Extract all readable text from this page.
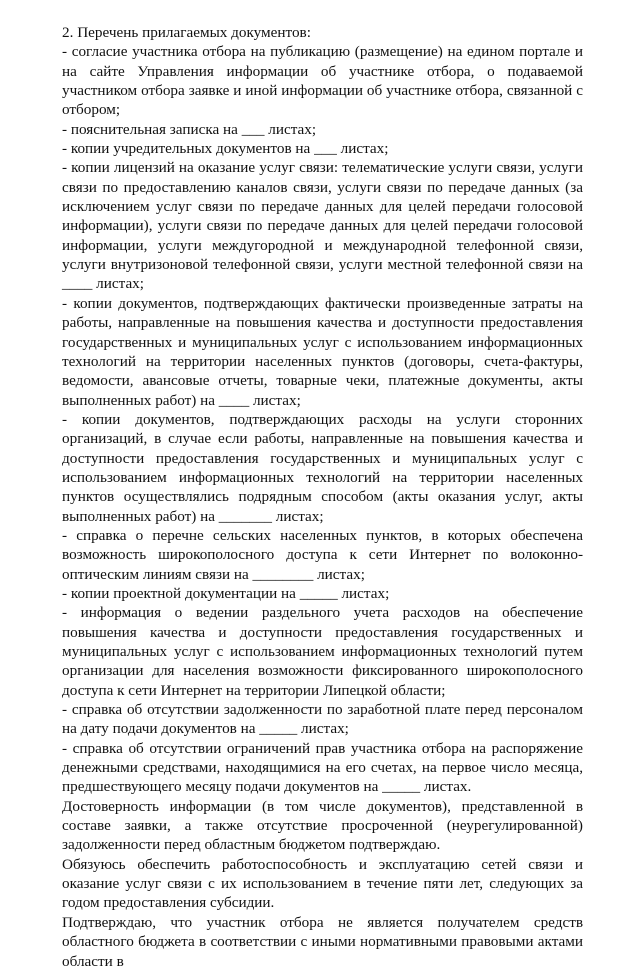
2. Перечень прилагаемых документов:

- согласие участника отбора на публикацию (размещение) на едином портале и на сайте Управления информации об участнике отбора, о подаваемой участником отбора заявке и иной информации об участнике отбора, связанной с отбором;

- пояснительная записка на ___ листах;

- копии учредительных документов на ___ листах;

- копии лицензий на оказание услуг связи: телематические услуги связи, услуги связи по предоставлению каналов связи, услуги связи по передаче данных (за исключением услуг связи по передаче данных для целей передачи голосовой информации), услуги связи по передаче данных для целей передачи голосовой информации, услуги междугородной и международной телефонной связи, услуги внутризоновой телефонной связи, услуги местной телефонной связи на ____ листах;

- копии документов, подтверждающих фактически произведенные затраты на работы, направленные на повышения качества и доступности предоставления государственных и муниципальных услуг с использованием информационных технологий на территории населенных пунктов (договоры, счета-фактуры, ведомости, авансовые отчеты, товарные чеки, платежные документы, акты выполненных работ) на ____ листах;

- копии документов, подтверждающих расходы на услуги сторонних организаций, в случае если работы, направленные на повышения качества и доступности предоставления государственных и муниципальных услуг с использованием информационных технологий на территории населенных пунктов осуществлялись подрядным способом (акты оказания услуг, акты выполненных работ) на _______ листах;

- справка о перечне сельских населенных пунктов, в которых обеспечена возможность широкополосного доступа к сети Интернет по волоконно-оптическим линиям связи на ________ листах;

- копии проектной документации на _____ листах;

- информация о ведении раздельного учета расходов на обеспечение повышения качества и доступности предоставления государственных и муниципальных услуг с использованием информационных технологий путем организации для населения возможности фиксированного широкополосного доступа к сети Интернет на территории Липецкой области;

- справка об отсутствии задолженности по заработной плате перед персоналом на дату подачи документов на _____ листах;

- справка об отсутствии ограничений прав участника отбора на распоряжение денежными средствами, находящимися на его счетах, на первое число месяца, предшествующего месяцу подачи документов на _____ листах.

Достоверность информации (в том числе документов), представленной в составе заявки, а также отсутствие просроченной (неурегулированной) задолженности перед областным бюджетом подтверждаю.

Обязуюсь обеспечить работоспособность и эксплуатацию сетей связи и оказание услуг связи с их использованием в течение пяти лет, следующих за годом предоставления субсидии.

Подтверждаю, что участник отбора не является получателем средств областного бюджета в соответствии с иными нормативными правовыми актами области в
